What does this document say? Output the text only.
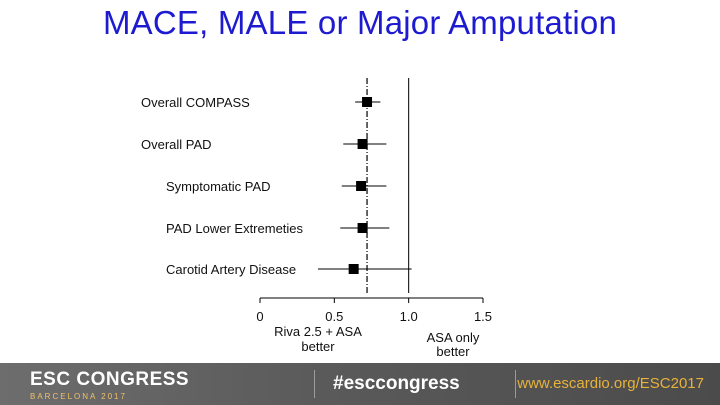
MACE, MALE or Major Amputation
Overall COMPASS
Overall PAD
Symptomatic PAD
PAD Lower Extremeties
Carotid Artery Disease
0	0.5	1.0	1.5
Riva 2.5 + ASA
better
ASA only
better
ESC CONGRESS
BARCELONA 2017
#esccongress	www.escardio.org/ESC2017
